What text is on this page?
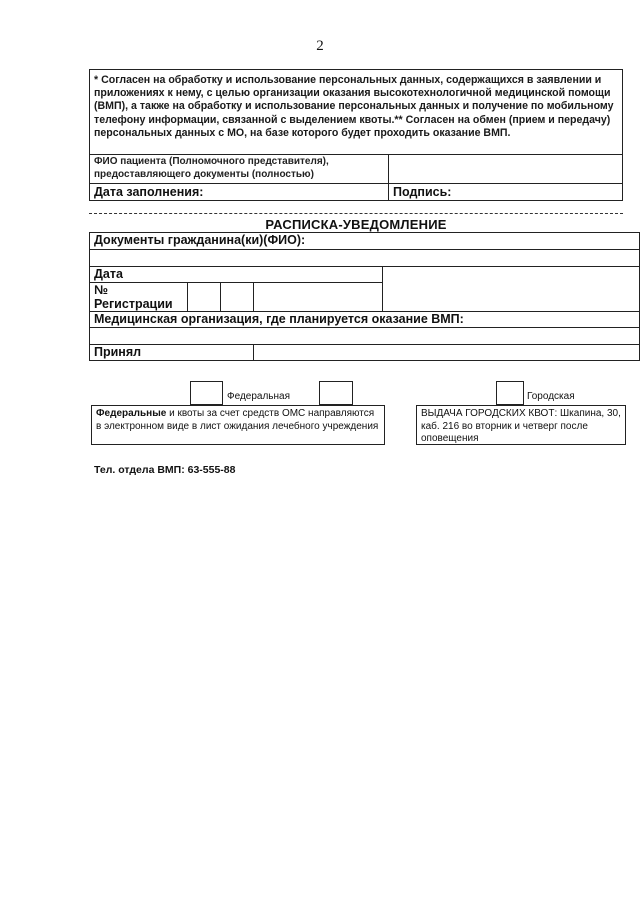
2
* Согласен на обработку и использование персональных данных, содержащихся в заявлении и приложениях к нему, с целью организации оказания высокотехнологичной медицинской помощи (ВМП), а также на обработку и использование персональных данных и получение по мобильному телефону информации, связанной с выделением квоты.** Согласен на обмен (прием и передачу) персональных данных с МО, на базе которого будет проходить оказание ВМП.
ФИО пациента (Полномочного представителя), предоставляющего документы (полностью)	
Дата заполнения:	Подпись:
РАСПИСКА-УВЕДОМЛЕНИЕ
Документы гражданина(ки)(ФИО):				

Дата				

№
Регистрации				

Медицинская организация, где планируется оказание ВМП:				

Принял				
Федеральная	Городская
Федеральные и квоты за счет средств ОМС направляются в электронном виде в лист ожидания лечебного учреждения
ВЫДАЧА ГОРОДСКИХ КВОТ: Шкапина, 30, каб. 216 во вторник и четверг после оповещения
Тел. отдела ВМП: 63-555-88
